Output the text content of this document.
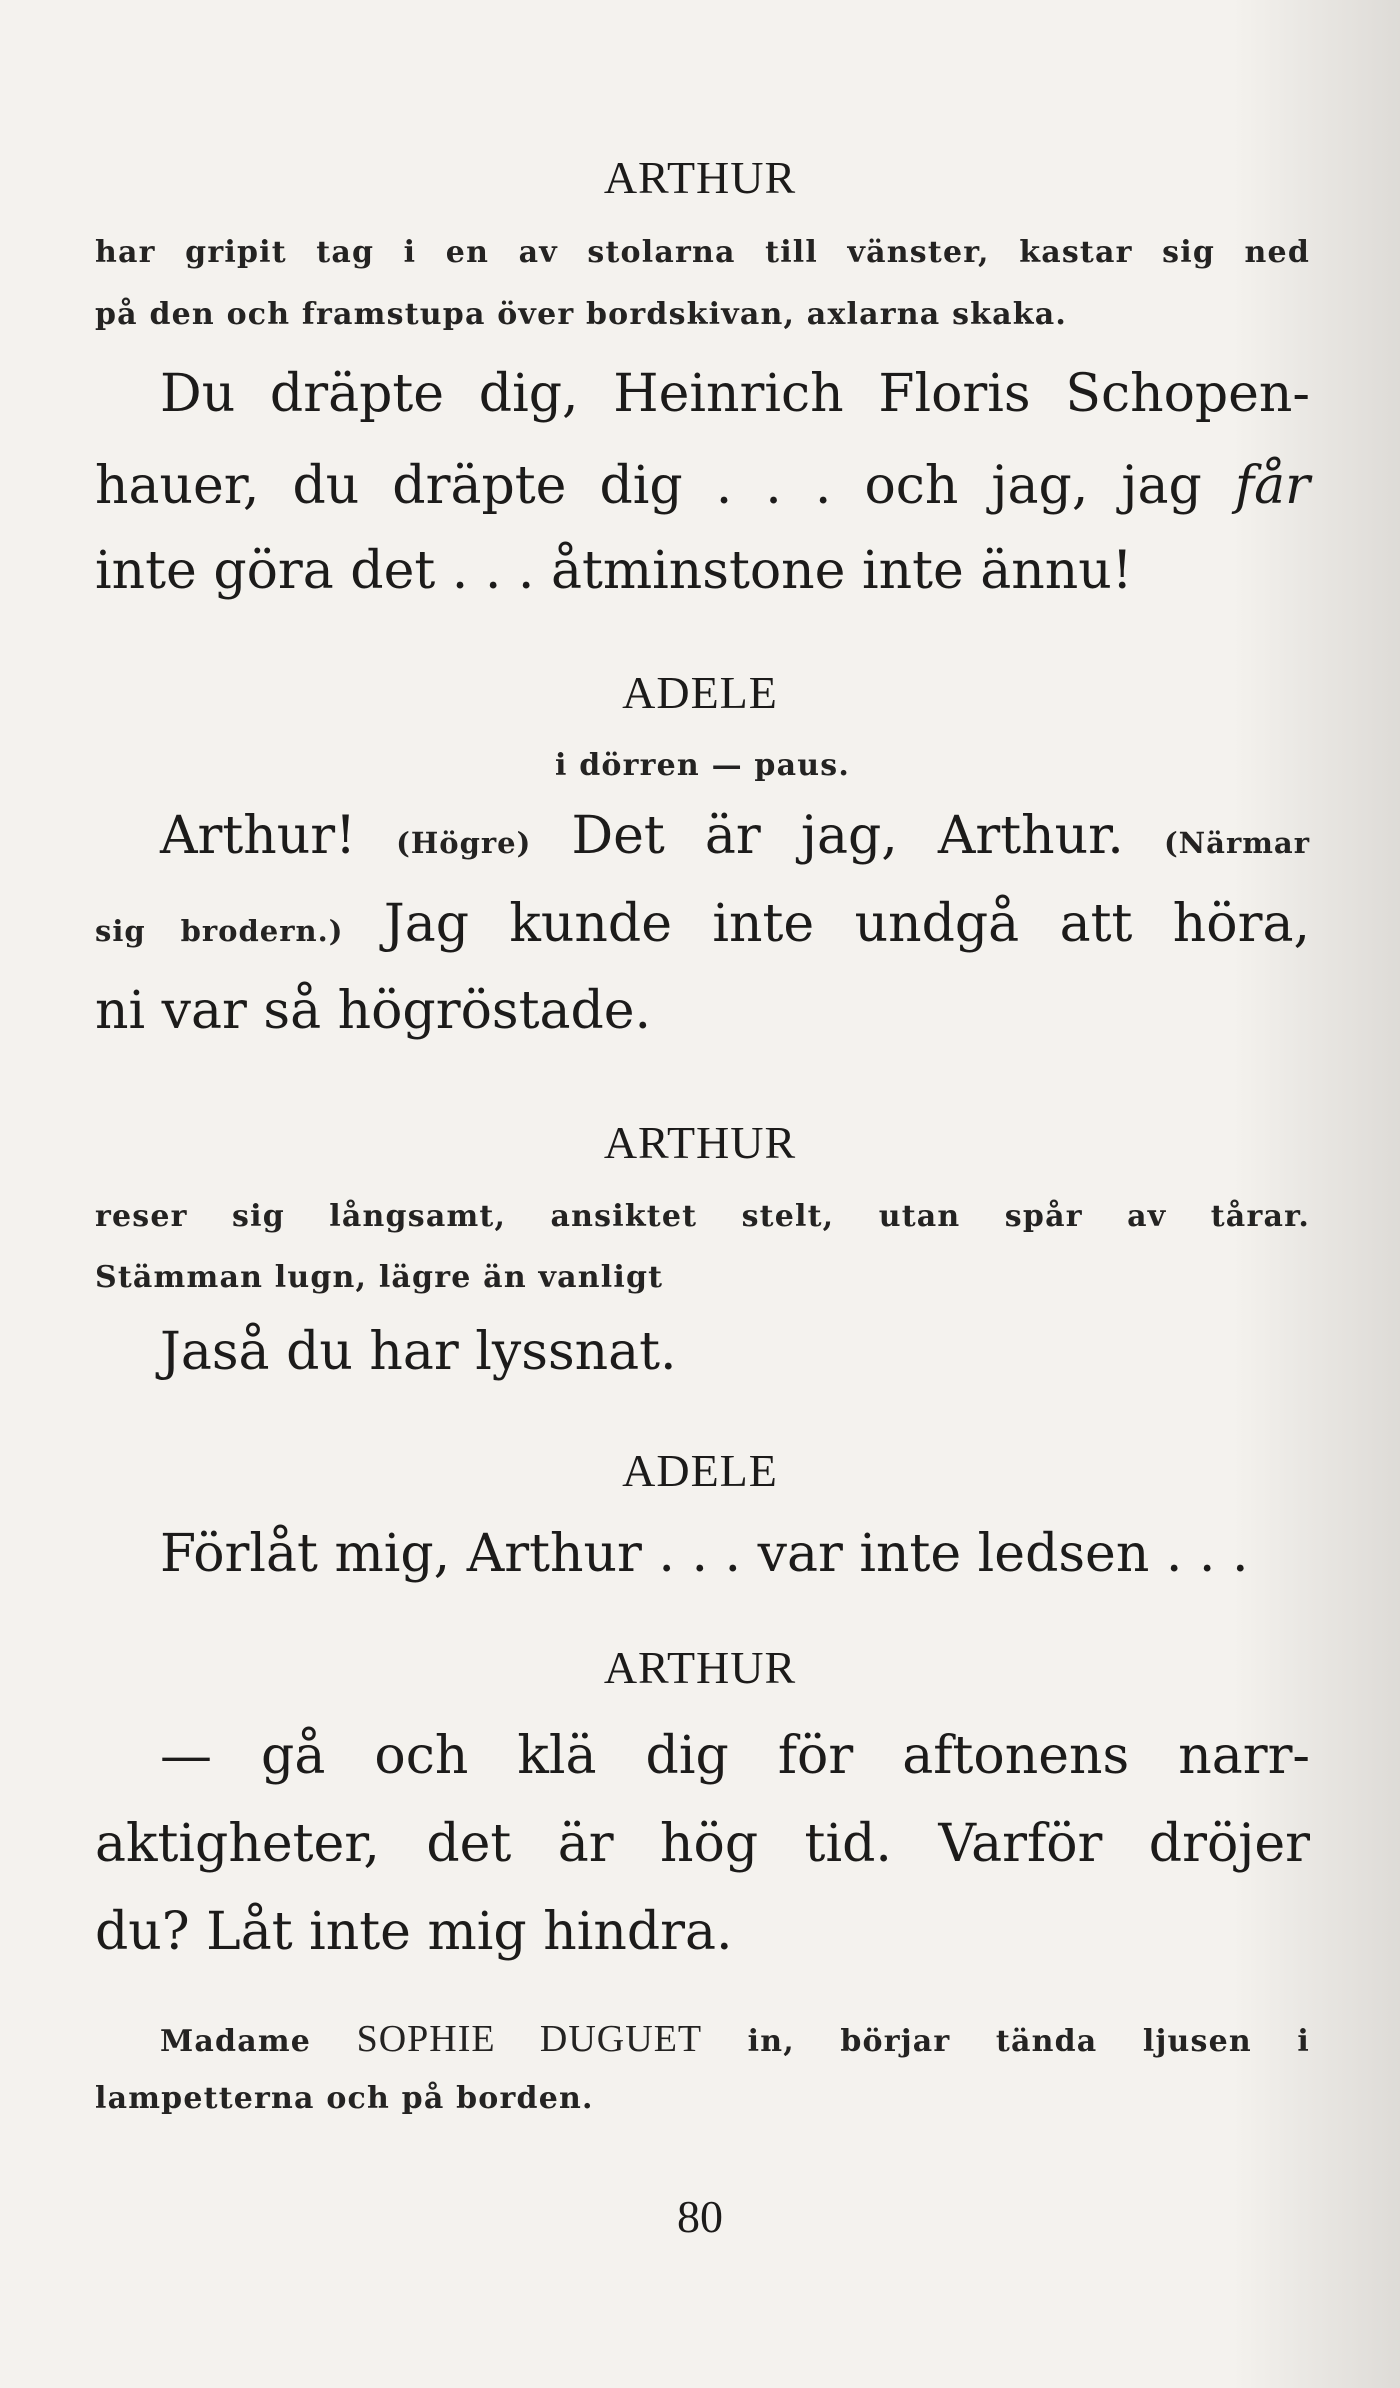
ARTHUR
har gripit tag i en av stolarna till vänster, kastar sig ned
på den och framstupa över bordskivan, axlarna skaka.
Du dräpte dig, Heinrich Floris Schopen-
hauer, du dräpte dig . . . och jag, jag får
inte göra det . . . åtminstone inte ännu!
ADELE
i dörren — paus.
Arthur! (Högre) Det är jag, Arthur. (Närmar
sig brodern.) Jag kunde inte undgå att höra,
ni var så högröstade.
ARTHUR
reser sig långsamt, ansiktet stelt, utan spår av tårar.
Stämman lugn, lägre än vanligt
Jaså du har lyssnat.
ADELE
Förlåt mig, Arthur . . . var inte ledsen . . .
ARTHUR
— gå och klä dig för aftonens narr-
aktigheter, det är hög tid. Varför dröjer
du? Låt inte mig hindra.
Madame SOPHIE DUGUET in, börjar tända ljusen i
lampetterna och på borden.
80
